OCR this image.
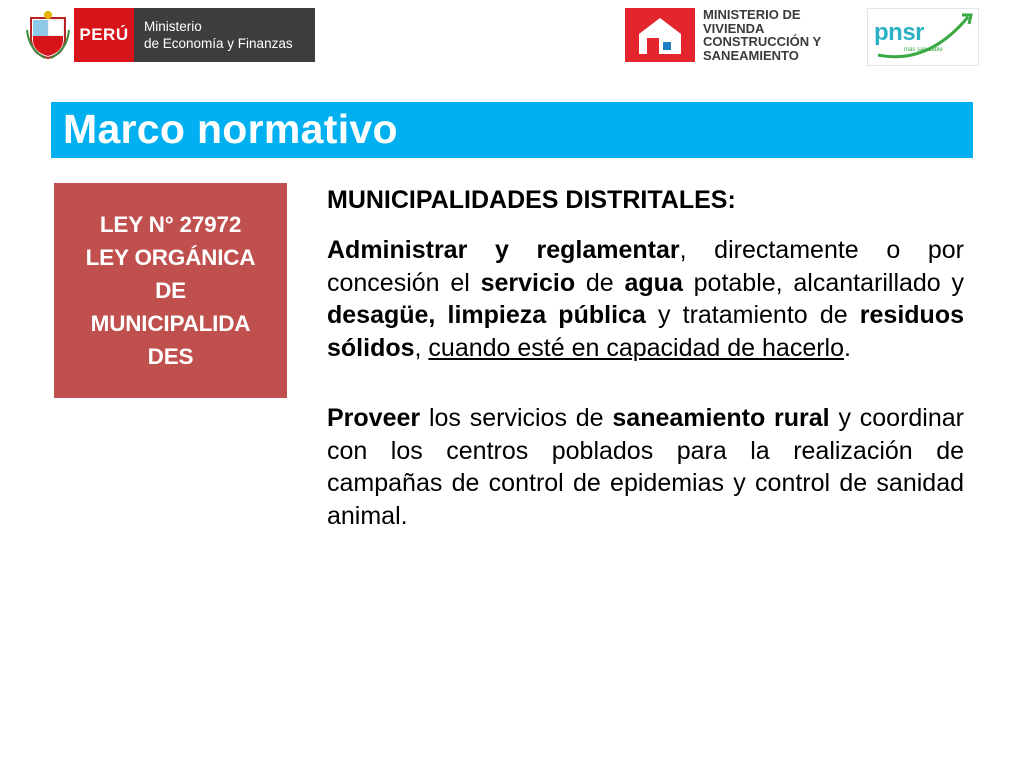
PERÚ	Ministerio
de Economía y Finanzas
MINISTERIO DE
VIVIENDA
CONSTRUCCIÓN Y
SANEAMIENTO
pnsr
más saludable
Marco normativo
LEY N° 27972
LEY ORGÁNICA
DE
MUNICIPALIDA
DES
MUNICIPALIDADES DISTRITALES:

Administrar y reglamentar, directamente o por concesión el servicio de agua potable, alcantarillado y desagüe, limpieza pública y tratamiento de residuos sólidos, cuando esté en capacidad de hacerlo.

Proveer los servicios de saneamiento rural y coordinar con los centros poblados para la realización de campañas de control de epidemias y control de sanidad animal.
